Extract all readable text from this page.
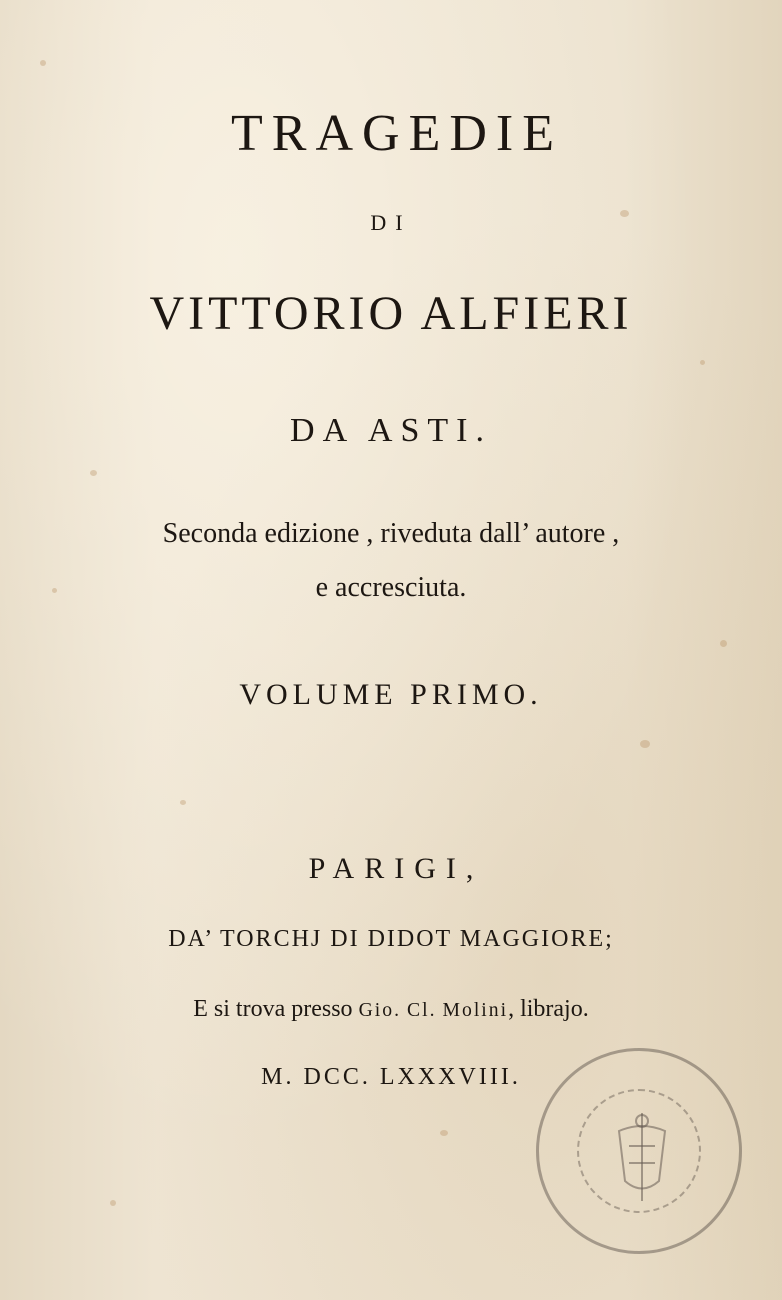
TRAGEDIE
DI
VITTORIO ALFIERI
DA ASTI.
Seconda edizione , riveduta dall’ autore ,
e accresciuta.
VOLUME PRIMO.
PARIGI,
DA’ TORCHJ DI DIDOT MAGGIORE;
E si trova presso Gio. Cl. Molini, librajo.
M. DCC. LXXXVIII.
